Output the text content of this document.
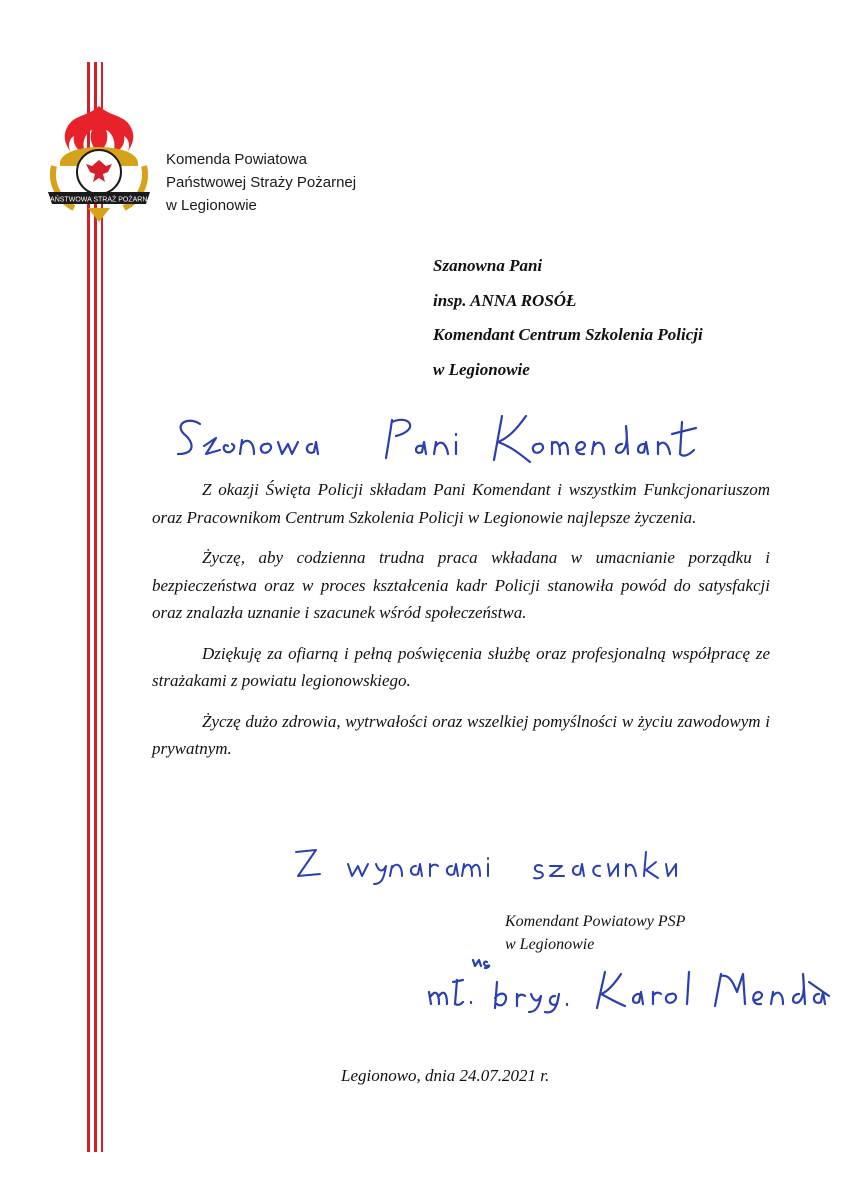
PAŃSTWOWA STRAŻ POŻARNA
Komenda Powiatowa
Państwowej Straży Pożarnej
w Legionowie
Szanowna Pani
insp. ANNA ROSÓŁ
Komendant Centrum Szkolenia Policji
w Legionowie

Z okazji Święta Policji składam Pani Komendant i wszystkim Funkcjonariuszom oraz Pracownikom Centrum Szkolenia Policji w Legionowie najlepsze życzenia.

Życzę, aby codzienna trudna praca wkładana w umacnianie porządku i bezpieczeństwa oraz w proces kształcenia kadr Policji stanowiła powód do satysfakcji oraz znalazła uznanie i szacunek wśród społeczeństwa.

Dziękuję za ofiarną i pełną poświęcenia służbę oraz profesjonalną współpracę ze strażakami z powiatu legionowskiego.

Życzę dużo zdrowia, wytrwałości oraz wszelkiej pomyślności w życiu zawodowym i prywatnym.

Komendant Powiatowy PSP
w Legionowie
Legionowo, dnia 24.07.2021 r.
